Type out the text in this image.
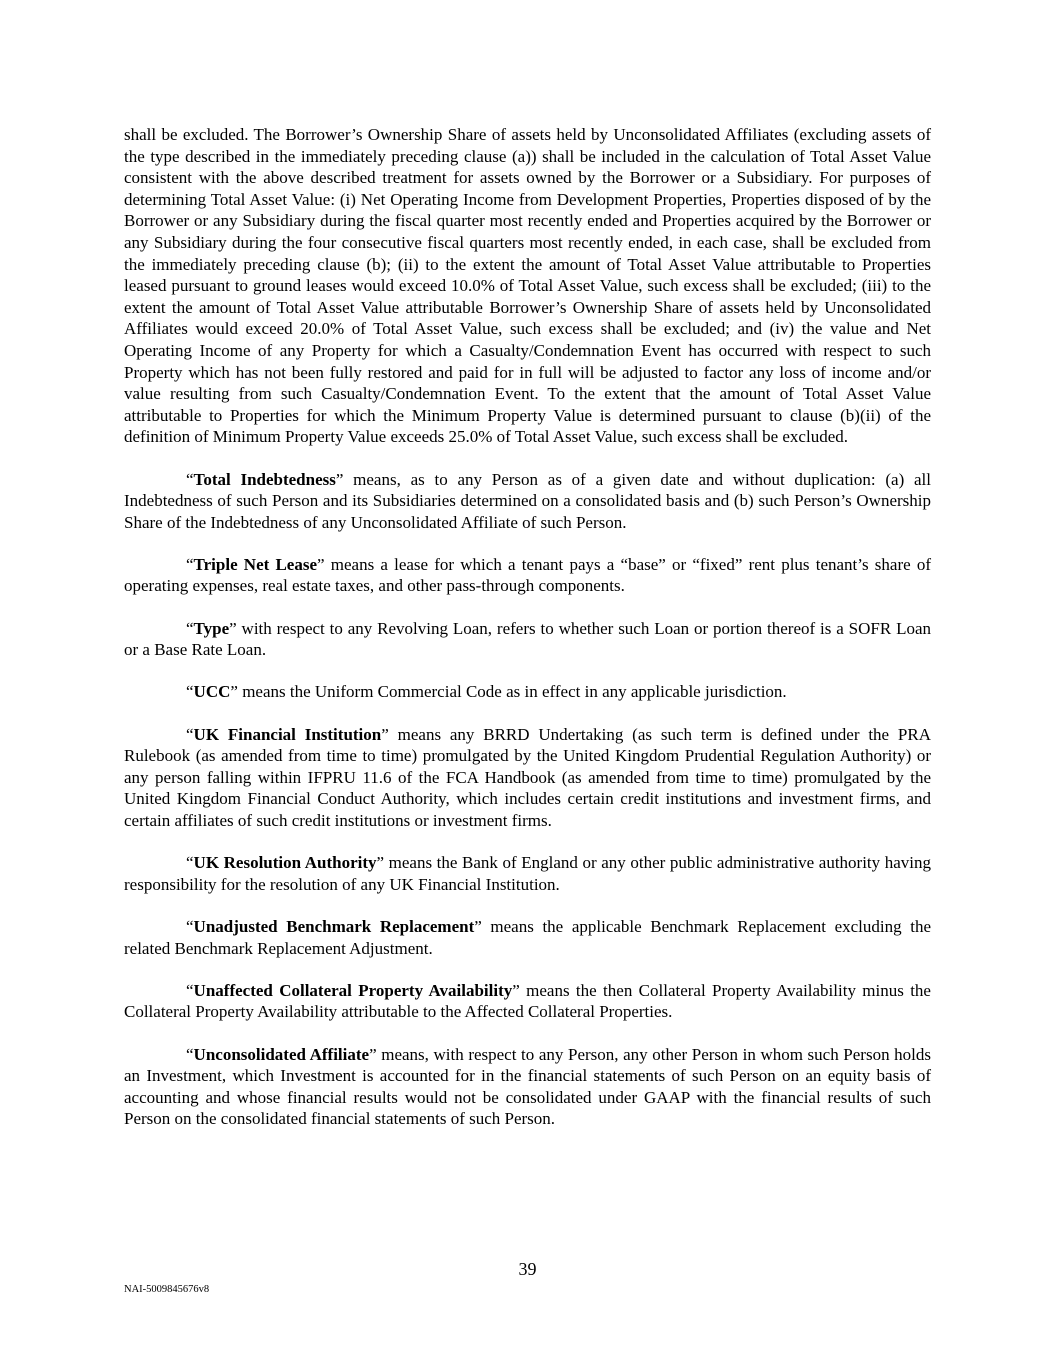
shall be excluded. The Borrower’s Ownership Share of assets held by Unconsolidated Affiliates (excluding assets of the type described in the immediately preceding clause (a)) shall be included in the calculation of Total Asset Value consistent with the above described treatment for assets owned by the Borrower or a Subsidiary. For purposes of determining Total Asset Value: (i) Net Operating Income from Development Properties, Properties disposed of by the Borrower or any Subsidiary during the fiscal quarter most recently ended and Properties acquired by the Borrower or any Subsidiary during the four consecutive fiscal quarters most recently ended, in each case, shall be excluded from the immediately preceding clause (b); (ii) to the extent the amount of Total Asset Value attributable to Properties leased pursuant to ground leases would exceed 10.0% of Total Asset Value, such excess shall be excluded; (iii) to the extent the amount of Total Asset Value attributable Borrower’s Ownership Share of assets held by Unconsolidated Affiliates would exceed 20.0% of Total Asset Value, such excess shall be excluded; and (iv) the value and Net Operating Income of any Property for which a Casualty/Condemnation Event has occurred with respect to such Property which has not been fully restored and paid for in full will be adjusted to factor any loss of income and/or value resulting from such Casualty/Condemnation Event. To the extent that the amount of Total Asset Value attributable to Properties for which the Minimum Property Value is determined pursuant to clause (b)(ii) of the definition of Minimum Property Value exceeds 25.0% of Total Asset Value, such excess shall be excluded.

“Total Indebtedness” means, as to any Person as of a given date and without duplication: (a) all Indebtedness of such Person and its Subsidiaries determined on a consolidated basis and (b) such Person’s Ownership Share of the Indebtedness of any Unconsolidated Affiliate of such Person.

“Triple Net Lease” means a lease for which a tenant pays a “base” or “fixed” rent plus tenant’s share of operating expenses, real estate taxes, and other pass-through components.

“Type” with respect to any Revolving Loan, refers to whether such Loan or portion thereof is a SOFR Loan or a Base Rate Loan.

“UCC” means the Uniform Commercial Code as in effect in any applicable jurisdiction.

“UK Financial Institution” means any BRRD Undertaking (as such term is defined under the PRA Rulebook (as amended from time to time) promulgated by the United Kingdom Prudential Regulation Authority) or any person falling within IFPRU 11.6 of the FCA Handbook (as amended from time to time) promulgated by the United Kingdom Financial Conduct Authority, which includes certain credit institutions and investment firms, and certain affiliates of such credit institutions or investment firms.

“UK Resolution Authority” means the Bank of England or any other public administrative authority having responsibility for the resolution of any UK Financial Institution.

“Unadjusted Benchmark Replacement” means the applicable Benchmark Replacement excluding the related Benchmark Replacement Adjustment.

“Unaffected Collateral Property Availability” means the then Collateral Property Availability minus the Collateral Property Availability attributable to the Affected Collateral Properties.

“Unconsolidated Affiliate” means, with respect to any Person, any other Person in whom such Person holds an Investment, which Investment is accounted for in the financial statements of such Person on an equity basis of accounting and whose financial results would not be consolidated under GAAP with the financial results of such Person on the consolidated financial statements of such Person.

39
NAI-5009845676v8
